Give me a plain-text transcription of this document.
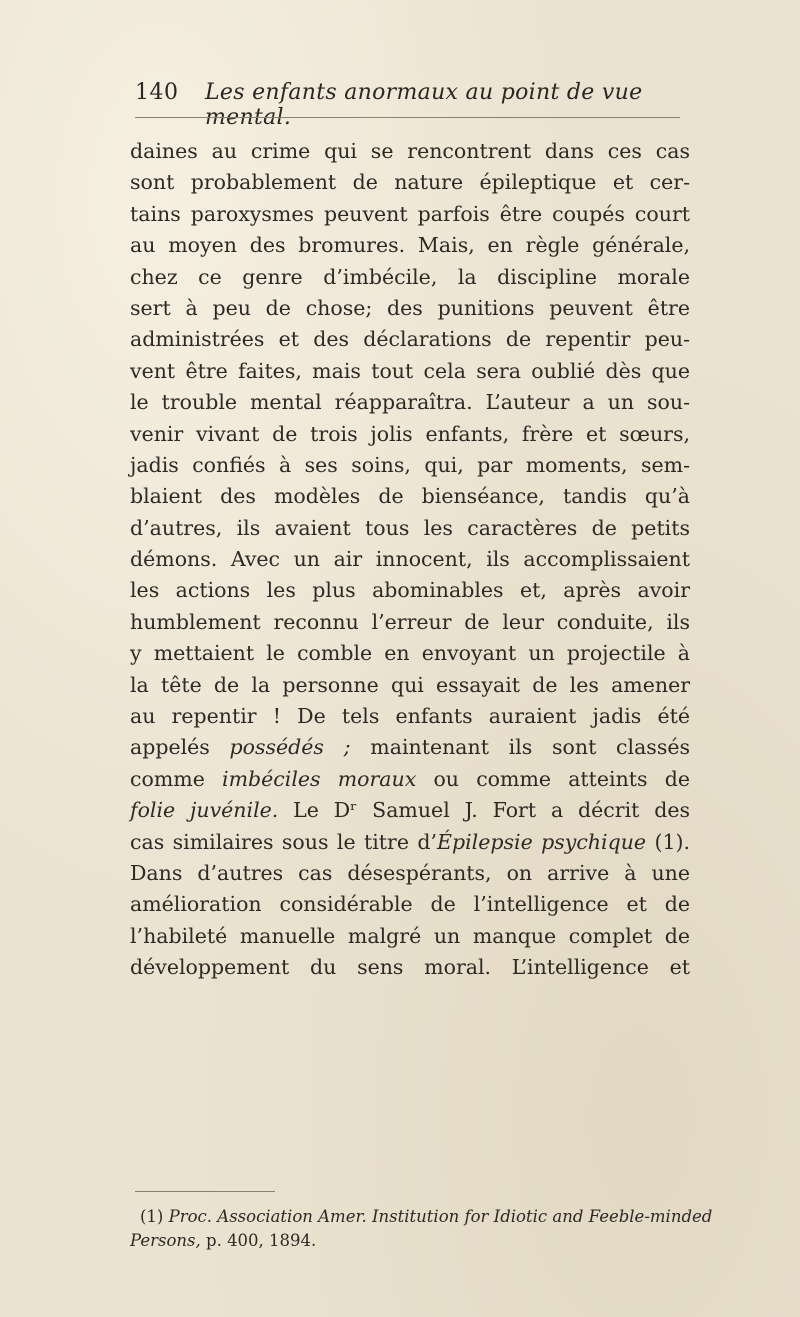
140 Les enfants anormaux au point de vue mental.
daines au crime qui se rencontrent dans ces cas
sont probablement de nature épileptique et cer-
tains paroxysmes peuvent parfois être coupés court
au moyen des bromures. Mais, en règle générale,
chez ce genre d’imbécile, la discipline morale
sert à peu de chose; des punitions peuvent être
administrées et des déclarations de repentir peu-
vent être faites, mais tout cela sera oublié dès que
le trouble mental réapparaîtra. L’auteur a un sou-
venir vivant de trois jolis enfants, frère et sœurs,
jadis confiés à ses soins, qui, par moments, sem-
blaient des modèles de bienséance, tandis qu’à
d’autres, ils avaient tous les caractères de petits
démons. Avec un air innocent, ils accomplissaient
les actions les plus abominables et, après avoir
humblement reconnu l’erreur de leur conduite, ils
y mettaient le comble en envoyant un projectile à
la tête de la personne qui essayait de les amener
au repentir ! De tels enfants auraient jadis été
appelés possédés ; maintenant ils sont classés
comme imbéciles moraux ou comme atteints de
folie juvénile. Le Dʳ Samuel J. Fort a décrit des
cas similaires sous le titre d’Épilepsie psychique (1).
Dans d’autres cas désespérants, on arrive à une
amélioration considérable de l’intelligence et de
l’habileté manuelle malgré un manque complet de
développement du sens moral. L’intelligence et
(1) Proc. Association Amer. Institution for Idiotic and Feeble-minded
Persons, p. 400, 1894.
